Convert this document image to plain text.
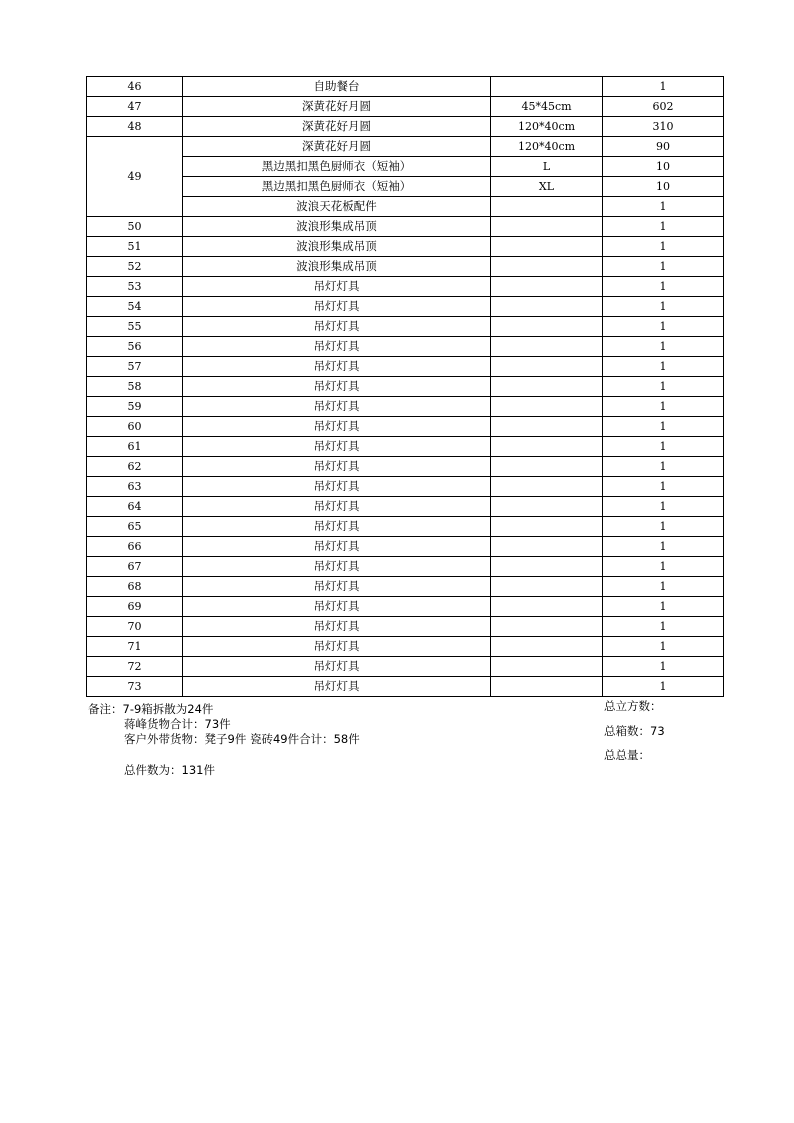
46	自助餐台		1
47	深黄花好月圆	45*45cm	602
48	深黄花好月圆	120*40cm	310
49	深黄花好月圆	120*40cm	90
	黑边黑扣黑色厨师衣（短袖）	L	10
	黑边黑扣黑色厨师衣（短袖）	XL	10
	波浪天花板配件		1
50	波浪形集成吊顶		1
51	波浪形集成吊顶		1
52	波浪形集成吊顶		1
53	吊灯灯具		1
54	吊灯灯具		1
55	吊灯灯具		1
56	吊灯灯具		1
57	吊灯灯具		1
58	吊灯灯具		1
59	吊灯灯具		1
60	吊灯灯具		1
61	吊灯灯具		1
62	吊灯灯具		1
63	吊灯灯具		1
64	吊灯灯具		1
65	吊灯灯具		1
66	吊灯灯具		1
67	吊灯灯具		1
68	吊灯灯具		1
69	吊灯灯具		1
70	吊灯灯具		1
71	吊灯灯具		1
72	吊灯灯具		1
73	吊灯灯具		1
备注：7-9箱拆散为24件
蒋峰货物合计：73件
客户外带货物：凳子9件 瓷砖49件合计：58件
总件数为：131件
总立方数：
总箱数：73
总总量：
